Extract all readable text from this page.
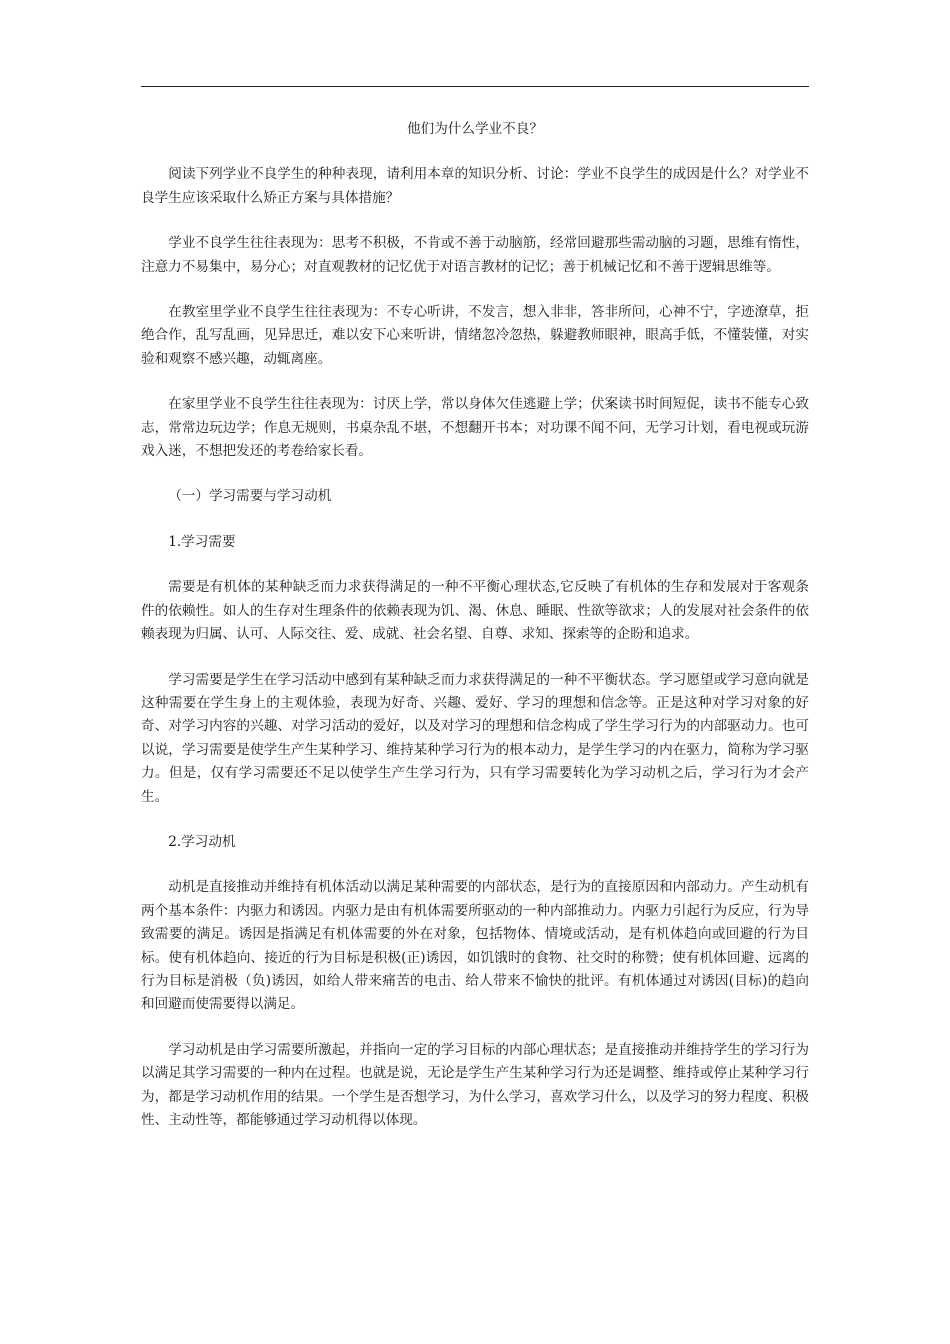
他们为什么学业不良？

阅读下列学业不良学生的种种表现，请利用本章的知识分析、讨论：学业不良学生的成因是什么？对学业不良学生应该采取什么矫正方案与具体措施？

学业不良学生往往表现为：思考不积极，不肯或不善于动脑筋，经常回避那些需动脑的习题，思维有惰性，注意力不易集中，易分心；对直观教材的记忆优于对语言教材的记忆；善于机械记忆和不善于逻辑思维等。

在教室里学业不良学生往往表现为：不专心听讲，不发言，想入非非，答非所问，心神不宁，字迹潦草，拒绝合作，乱写乱画，见异思迁，难以安下心来听讲，情绪忽冷忽热，躲避教师眼神，眼高手低，不懂装懂，对实验和观察不感兴趣，动辄离座。

在家里学业不良学生往往表现为：讨厌上学，常以身体欠佳逃避上学；伏案读书时间短促，读书不能专心致志，常常边玩边学；作息无规则，书桌杂乱不堪，不想翻开书本；对功课不闻不问，无学习计划，看电视或玩游戏入迷，不想把发还的考卷给家长看。

（一）学习需要与学习动机
1.学习需要

需要是有机体的某种缺乏而力求获得满足的一种不平衡心理状态,它反映了有机体的生存和发展对于客观条件的依赖性。如人的生存对生理条件的依赖表现为饥、渴、休息、睡眠、性欲等欲求；人的发展对社会条件的依赖表现为归属、认可、人际交往、爱、成就、社会名望、自尊、求知、探索等的企盼和追求。

学习需要是学生在学习活动中感到有某种缺乏而力求获得满足的一种不平衡状态。学习愿望或学习意向就是这种需要在学生身上的主观体验，表现为好奇、兴趣、爱好、学习的理想和信念等。正是这种对学习对象的好奇、对学习内容的兴趣、对学习活动的爱好，以及对学习的理想和信念构成了学生学习行为的内部驱动力。也可以说，学习需要是使学生产生某种学习、维持某种学习行为的根本动力，是学生学习的内在驱力，简称为学习驱力。但是，仅有学习需要还不足以使学生产生学习行为，只有学习需要转化为学习动机之后，学习行为才会产生。

2.学习动机

动机是直接推动并维持有机体活动以满足某种需要的内部状态，是行为的直接原因和内部动力。产生动机有两个基本条件：内驱力和诱因。内驱力是由有机体需要所驱动的一种内部推动力。内驱力引起行为反应，行为导致需要的满足。诱因是指满足有机体需要的外在对象，包括物体、情境或活动，是有机体趋向或回避的行为目标。使有机体趋向、接近的行为目标是积极(正)诱因，如饥饿时的食物、社交时的称赞；使有机体回避、远离的行为目标是消极（负)诱因，如给人带来痛苦的电击、给人带来不愉快的批评。有机体通过对诱因(目标)的趋向和回避而使需要得以满足。

学习动机是由学习需要所激起，并指向一定的学习目标的内部心理状态；是直接推动并维持学生的学习行为以满足其学习需要的一种内在过程。也就是说，无论是学生产生某种学习行为还是调整、维持或停止某种学习行为，都是学习动机作用的结果。一个学生是否想学习，为什么学习，喜欢学习什么，以及学习的努力程度、积极性、主动性等，都能够通过学习动机得以体现。
